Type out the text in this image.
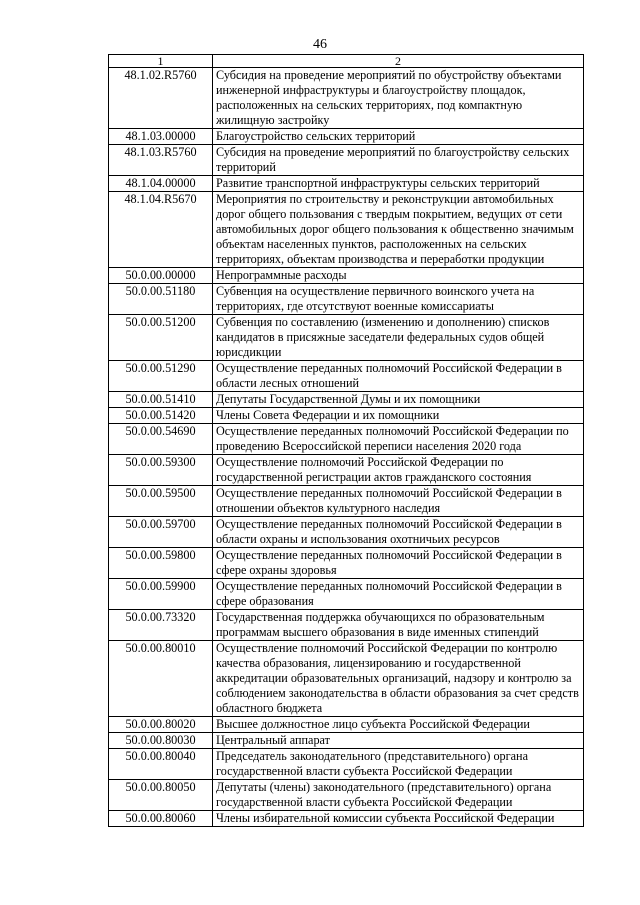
46
1	2
48.1.02.R5760	Субсидия на проведение мероприятий по обустройству объектами инженерной инфраструктуры и благоустройству площадок, расположенных на сельских территориях, под компактную жилищную застройку
48.1.03.00000	Благоустройство сельских территорий
48.1.03.R5760	Субсидия на проведение мероприятий по благоустройству сельских территорий
48.1.04.00000	Развитие транспортной инфраструктуры сельских территорий
48.1.04.R5670	Мероприятия по строительству и реконструкции автомобильных дорог общего пользования с твердым покрытием, ведущих от сети автомобильных дорог общего пользования к общественно значимым объектам населенных пунктов, расположенных на сельских территориях, объектам производства и переработки продукции
50.0.00.00000	Непрограммные расходы
50.0.00.51180	Субвенция на осуществление первичного воинского учета на территориях, где отсутствуют военные комиссариаты
50.0.00.51200	Субвенция по составлению (изменению и дополнению) списков кандидатов в присяжные заседатели федеральных судов общей юрисдикции
50.0.00.51290	Осуществление переданных полномочий Российской Федерации в области лесных отношений
50.0.00.51410	Депутаты Государственной Думы и их помощники
50.0.00.51420	Члены Совета Федерации и их помощники
50.0.00.54690	Осуществление переданных полномочий Российской Федерации по проведению Всероссийской переписи населения 2020 года
50.0.00.59300	Осуществление полномочий Российской Федерации по государственной регистрации актов гражданского состояния
50.0.00.59500	Осуществление переданных полномочий Российской Федерации в отношении объектов культурного наследия
50.0.00.59700	Осуществление переданных полномочий Российской Федерации в области охраны и использования охотничьих ресурсов
50.0.00.59800	Осуществление переданных полномочий Российской Федерации в сфере охраны здоровья
50.0.00.59900	Осуществление переданных полномочий Российской Федерации в сфере образования
50.0.00.73320	Государственная поддержка обучающихся по образовательным программам высшего образования в виде именных стипендий
50.0.00.80010	Осуществление полномочий Российской Федерации по контролю качества образования, лицензированию и государственной аккредитации образовательных организаций, надзору и контролю за соблюдением законодательства в области образования за счет средств областного бюджета
50.0.00.80020	Высшее должностное лицо субъекта Российской Федерации
50.0.00.80030	Центральный аппарат
50.0.00.80040	Председатель законодательного (представительного) органа государственной власти субъекта Российской Федерации
50.0.00.80050	Депутаты (члены) законодательного (представительного) органа государственной власти субъекта Российской Федерации
50.0.00.80060	Члены избирательной комиссии субъекта Российской Федерации
